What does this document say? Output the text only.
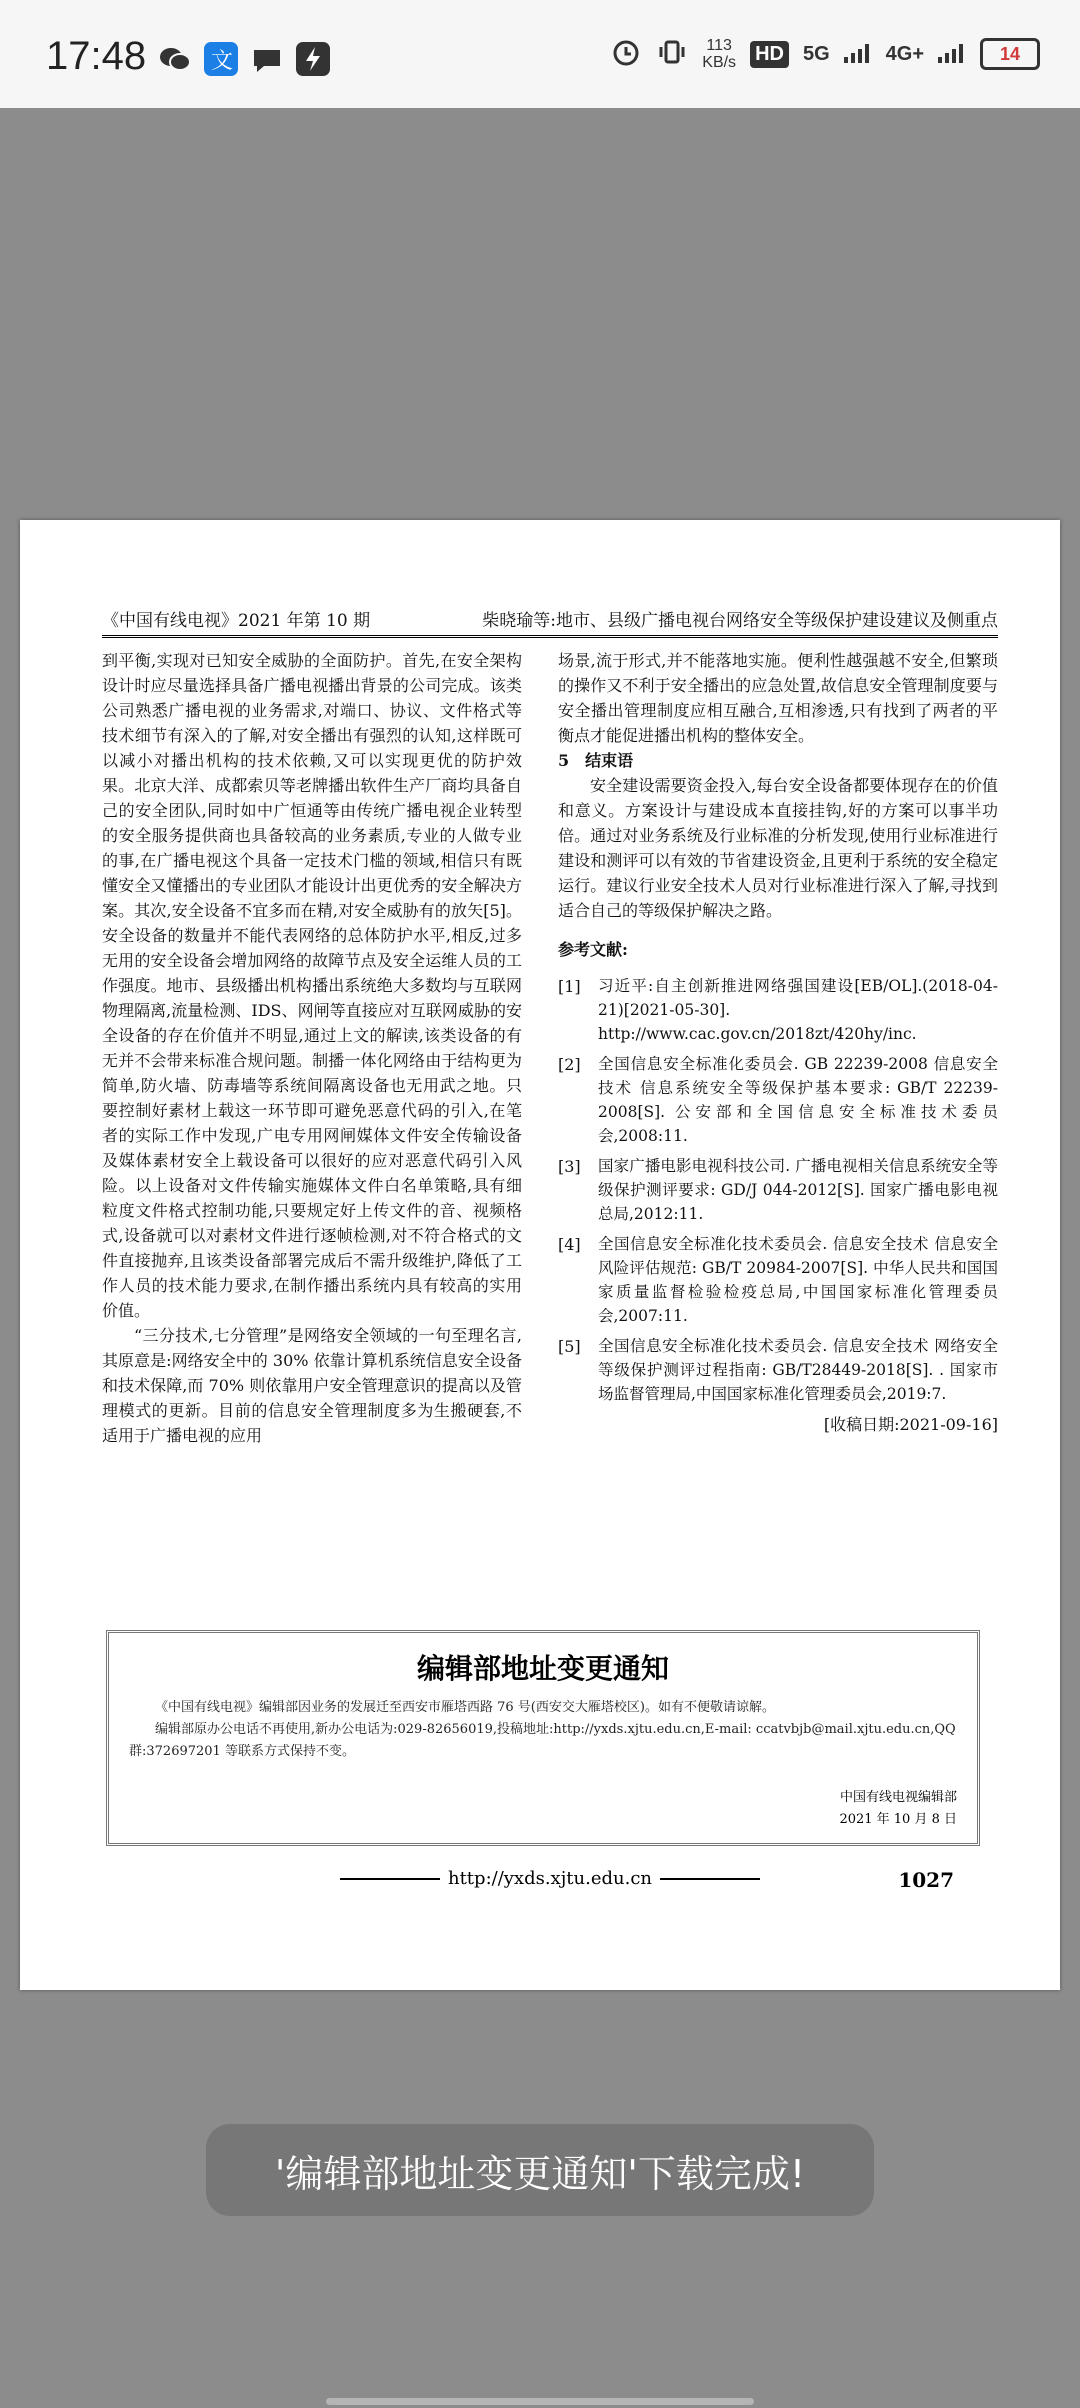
17:48	文
113
KB/s HD 5G	4G+	14
《中国有线电视》2021 年第 10 期	柴晓瑜等:地市、县级广播电视台网络安全等级保护建设建议及侧重点

到平衡,实现对已知安全威胁的全面防护。首先,在安全架构设计时应尽量选择具备广播电视播出背景的公司完成。该类公司熟悉广播电视的业务需求,对端口、协议、文件格式等技术细节有深入的了解,对安全播出有强烈的认知,这样既可以减小对播出机构的技术依赖,又可以实现更优的防护效果。北京大洋、成都索贝等老牌播出软件生产厂商均具备自己的安全团队,同时如中广恒通等由传统广播电视企业转型的安全服务提供商也具备较高的业务素质,专业的人做专业的事,在广播电视这个具备一定技术门槛的领域,相信只有既懂安全又懂播出的专业团队才能设计出更优秀的安全解决方案。其次,安全设备不宜多而在精,对安全威胁有的放矢[5]。安全设备的数量并不能代表网络的总体防护水平,相反,过多无用的安全设备会增加网络的故障节点及安全运维人员的工作强度。地市、县级播出机构播出系统绝大多数均与互联网物理隔离,流量检测、IDS、网闸等直接应对互联网威胁的安全设备的存在价值并不明显,通过上文的解读,该类设备的有无并不会带来标准合规问题。制播一体化网络由于结构更为简单,防火墙、防毒墙等系统间隔离设备也无用武之地。只要控制好素材上载这一环节即可避免恶意代码的引入,在笔者的实际工作中发现,广电专用网闸媒体文件安全传输设备及媒体素材安全上载设备可以很好的应对恶意代码引入风险。以上设备对文件传输实施媒体文件白名单策略,具有细粒度文件格式控制功能,只要规定好上传文件的音、视频格式,设备就可以对素材文件进行逐帧检测,对不符合格式的文件直接抛弃,且该类设备部署完成后不需升级维护,降低了工作人员的技术能力要求,在制作播出系统内具有较高的实用价值。

“三分技术,七分管理”是网络安全领域的一句至理名言,其原意是:网络安全中的 30% 依靠计算机系统信息安全设备和技术保障,而 70% 则依靠用户安全管理意识的提高以及管理模式的更新。目前的信息安全管理制度多为生搬硬套,不适用于广播电视的应用

场景,流于形式,并不能落地实施。便利性越强越不安全,但繁琐的操作又不利于安全播出的应急处置,故信息安全管理制度要与安全播出管理制度应相互融合,互相渗透,只有找到了两者的平衡点才能促进播出机构的整体安全。

5　结束语

安全建设需要资金投入,每台安全设备都要体现存在的价值和意义。方案设计与建设成本直接挂钩,好的方案可以事半功倍。通过对业务系统及行业标准的分析发现,使用行业标准进行建设和测评可以有效的节省建设资金,且更利于系统的安全稳定运行。建议行业安全技术人员对行业标准进行深入了解,寻找到适合自己的等级保护解决之路。

参考文献:
[1]	习近平:自主创新推进网络强国建设[EB/OL].(2018-04-21)[2021-05-30]. http://www.cac.gov.cn/2018zt/420hy/inc.
[2]	全国信息安全标准化委员会. GB 22239-2008 信息安全技术 信息系统安全等级保护基本要求: GB/T 22239-2008[S]. 公安部和全国信息安全标准技术委员会,2008:11.
[3]	国家广播电影电视科技公司. 广播电视相关信息系统安全等级保护测评要求: GD/J 044-2012[S]. 国家广播电影电视总局,2012:11.
[4]	全国信息安全标准化技术委员会. 信息安全技术 信息安全风险评估规范: GB/T 20984-2007[S]. 中华人民共和国国家质量监督检验检疫总局,中国国家标准化管理委员会,2007:11.
[5]	全国信息安全标准化技术委员会. 信息安全技术 网络安全等级保护测评过程指南: GB/T28449-2018[S]. . 国家市场监督管理局,中国国家标准化管理委员会,2019:7.
[收稿日期:2021-09-16]
编辑部地址变更通知

《中国有线电视》编辑部因业务的发展迁至西安市雁塔西路 76 号(西安交大雁塔校区)。如有不便敬请谅解。

编辑部原办公电话不再使用,新办公电话为:029-82656019,投稿地址:http://yxds.xjtu.edu.cn,E-mail: ccatvbjb@mail.xjtu.edu.cn,QQ 群:372697201 等联系方式保持不变。

中国有线电视编辑部
2021 年 10 月 8 日
http://yxds.xjtu.edu.cn	1027
'编辑部地址变更通知'下载完成!
